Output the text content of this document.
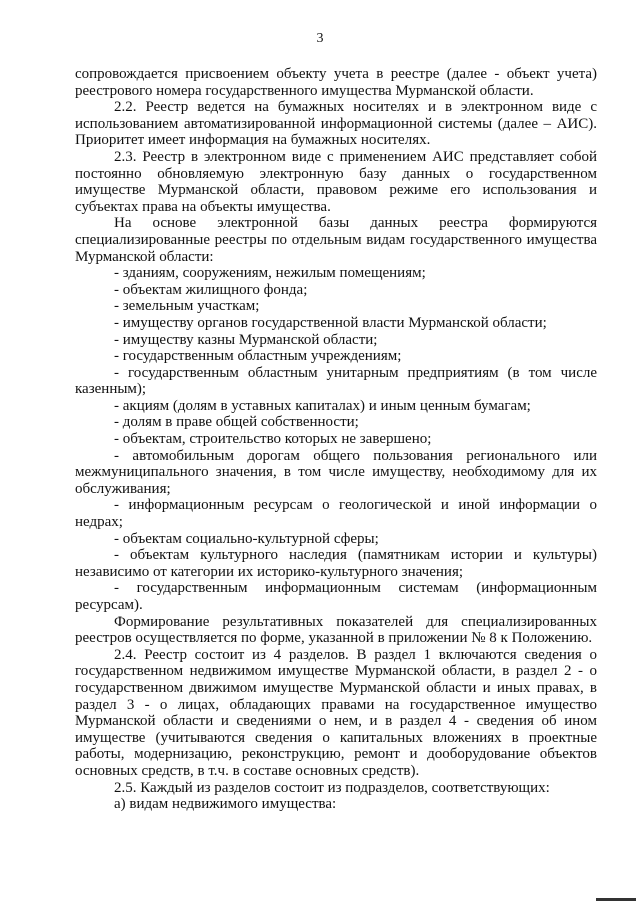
3

сопровождается присвоением объекту учета в реестре (далее - объект учета) реестрового номера государственного имущества Мурманской области.

2.2. Реестр ведется на бумажных носителях и в электронном виде с использованием автоматизированной информационной системы (далее – АИС). Приоритет имеет информация на бумажных носителях.

2.3. Реестр в электронном виде с применением АИС представляет собой постоянно обновляемую электронную базу данных о государственном имуществе Мурманской области, правовом режиме его использования и субъектах права на объекты имущества.

На основе электронной базы данных реестра формируются специализированные реестры по отдельным видам государственного имущества Мурманской области:

- зданиям, сооружениям, нежилым помещениям;

- объектам жилищного фонда;

- земельным участкам;

- имуществу органов государственной власти Мурманской области;

- имуществу казны Мурманской области;

- государственным областным учреждениям;

- государственным областным унитарным предприятиям (в том числе казенным);

- акциям (долям в уставных капиталах) и иным ценным бумагам;

- долям в праве общей собственности;

- объектам, строительство которых не завершено;

- автомобильным дорогам общего пользования регионального или межмуниципального значения, в том числе имуществу, необходимому для их обслуживания;

- информационным ресурсам о геологической и иной информации о недрах;

- объектам социально-культурной сферы;

- объектам культурного наследия (памятникам истории и культуры) независимо от категории их историко-культурного значения;

- государственным информационным системам (информационным ресурсам).

Формирование результативных показателей для специализированных реестров осуществляется по форме, указанной в приложении № 8 к Положению.

2.4. Реестр состоит из 4 разделов. В раздел 1 включаются сведения о государственном недвижимом имуществе Мурманской области, в раздел 2 - о государственном движимом имуществе Мурманской области и иных правах, в раздел 3 - о лицах, обладающих правами на государственное имущество Мурманской области и сведениями о нем, и в раздел 4 - сведения об ином имуществе (учитываются сведения о капитальных вложениях в проектные работы, модернизацию, реконструкцию, ремонт и дооборудование объектов основных средств, в т.ч. в составе основных средств).

2.5. Каждый из разделов состоит из подразделов, соответствующих:

а) видам недвижимого имущества:
